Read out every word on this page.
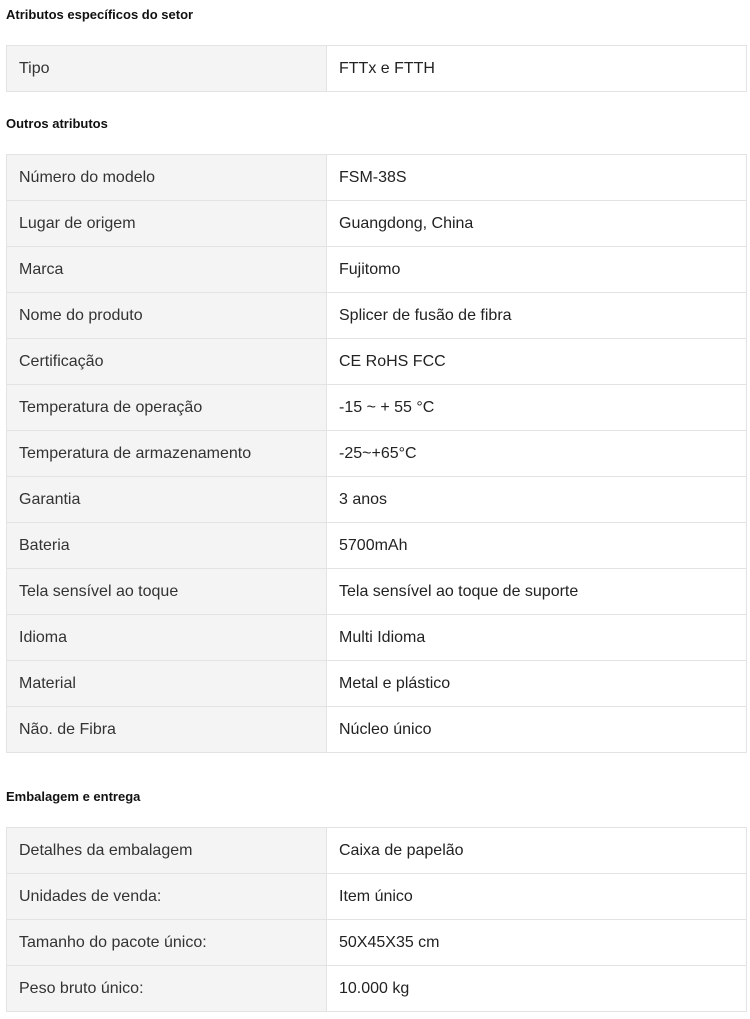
Atributos específicos do setor
Tipo	FTTx e FTTH
Outros atributos
Número do modelo	FSM-38S
Lugar de origem	Guangdong, China
Marca	Fujitomo
Nome do produto	Splicer de fusão de fibra
Certificação	CE RoHS FCC
Temperatura de operação	-15 ~ + 55 °C
Temperatura de armazenamento	-25~+65°C
Garantia	3 anos
Bateria	5700mAh
Tela sensível ao toque	Tela sensível ao toque de suporte
Idioma	Multi Idioma
Material	Metal e plástico
Não. de Fibra	Núcleo único
Embalagem e entrega
Detalhes da embalagem	Caixa de papelão
Unidades de venda:	Item único
Tamanho do pacote único:	50X45X35 cm
Peso bruto único:	10.000 kg
